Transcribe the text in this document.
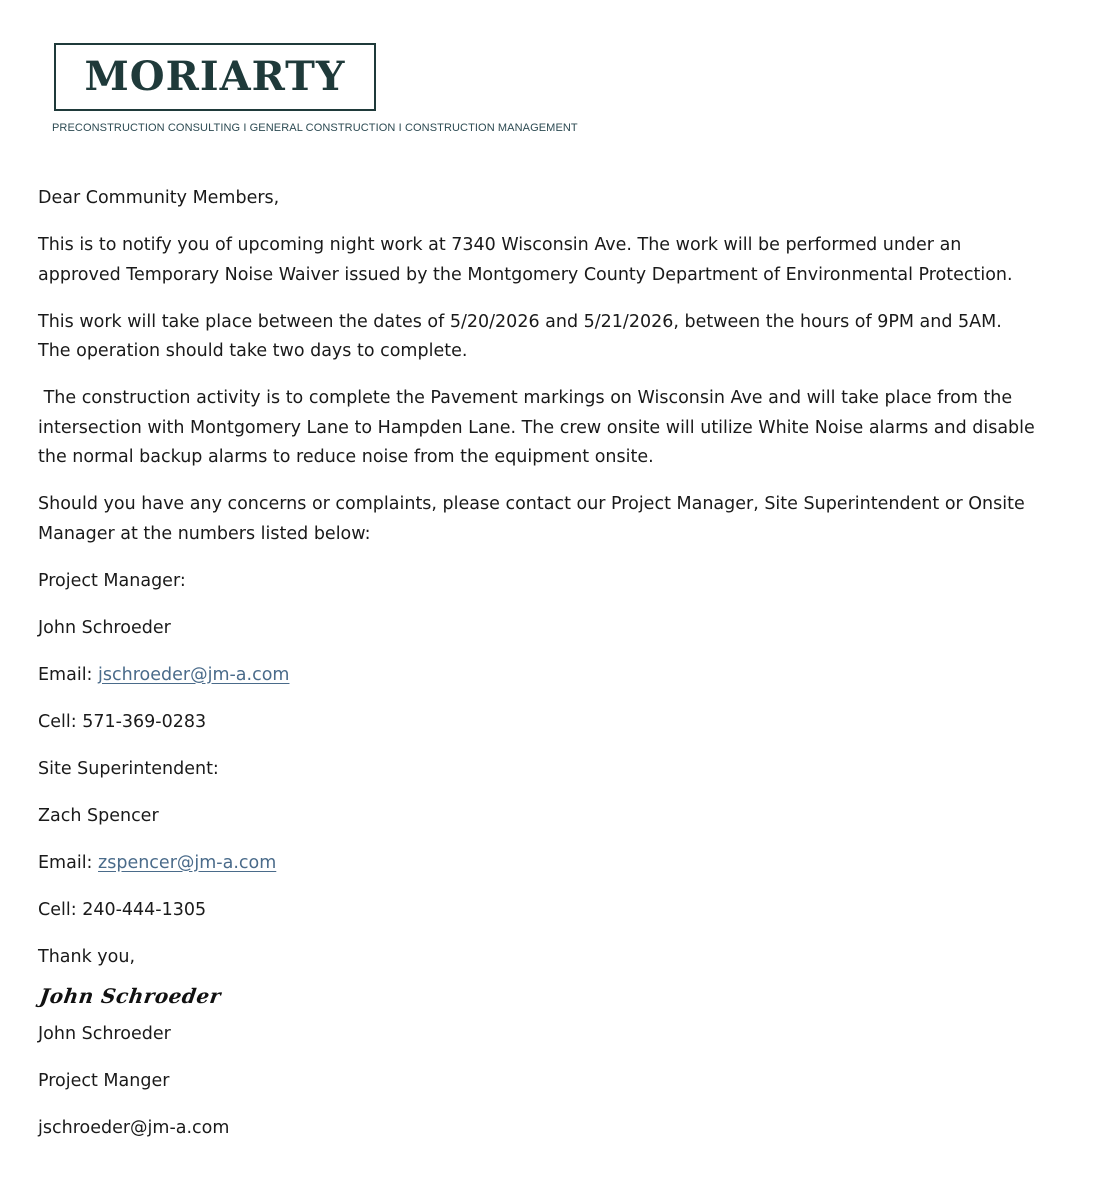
MORIARTY
PRECONSTRUCTION CONSULTING I GENERAL CONSTRUCTION I CONSTRUCTION MANAGEMENT

Dear Community Members,

This is to notify you of upcoming night work at 7340 Wisconsin Ave. The work will be performed under an approved Temporary Noise Waiver issued by the Montgomery County Department of Environmental Protection.

This work will take place between the dates of 5/20/2026 and 5/21/2026, between the hours of 9PM and 5AM. The operation should take two days to complete.

The construction activity is to complete the Pavement markings on Wisconsin Ave and will take place from the intersection with Montgomery Lane to Hampden Lane. The crew onsite will utilize White Noise alarms and disable the normal backup alarms to reduce noise from the equipment onsite.

Should you have any concerns or complaints, please contact our Project Manager, Site Superintendent or Onsite Manager at the numbers listed below:

Project Manager:

John Schroeder

Email: jschroeder@jm-a.com

Cell: 571-369-0283

Site Superintendent:

Zach Spencer

Email: zspencer@jm-a.com

Cell: 240-444-1305

Thank you,

John Schroeder

John Schroeder

Project Manger

jschroeder@jm-a.com
